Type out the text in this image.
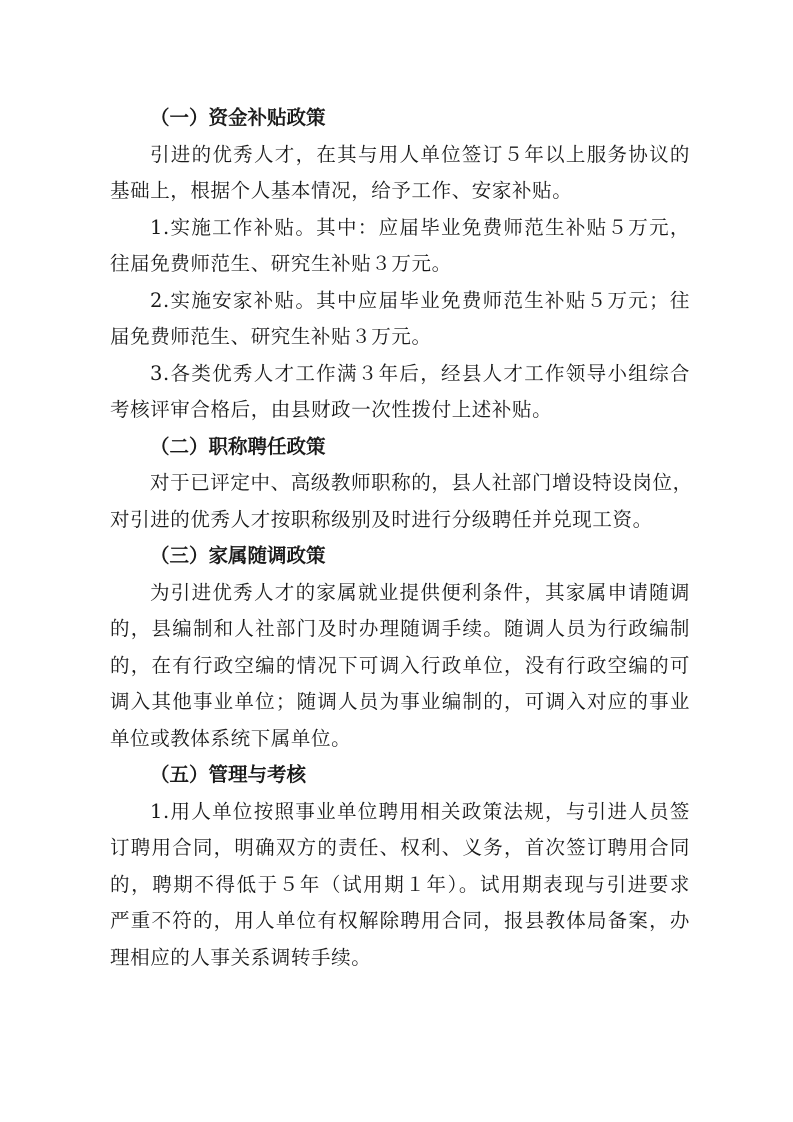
（一）资金补贴政策
引进的优秀人才，在其与用人单位签订５年以上服务协议的
基础上，根据个人基本情况，给予工作、安家补贴。
1.实施工作补贴。其中：应届毕业免费师范生补贴５万元，
往届免费师范生、研究生补贴３万元。
2.实施安家补贴。其中应届毕业免费师范生补贴５万元；往
届免费师范生、研究生补贴３万元。
3.各类优秀人才工作满３年后，经县人才工作领导小组综合
考核评审合格后，由县财政一次性拨付上述补贴。
（二）职称聘任政策
对于已评定中、高级教师职称的，县人社部门增设特设岗位，
对引进的优秀人才按职称级别及时进行分级聘任并兑现工资。
（三）家属随调政策
为引进优秀人才的家属就业提供便利条件，其家属申请随调
的，县编制和人社部门及时办理随调手续。随调人员为行政编制
的，在有行政空编的情况下可调入行政单位，没有行政空编的可
调入其他事业单位；随调人员为事业编制的，可调入对应的事业
单位或教体系统下属单位。
（五）管理与考核
1.用人单位按照事业单位聘用相关政策法规，与引进人员签
订聘用合同，明确双方的责任、权利、义务，首次签订聘用合同
的，聘期不得低于５年（试用期１年）。试用期表现与引进要求
严重不符的，用人单位有权解除聘用合同，报县教体局备案，办
理相应的人事关系调转手续。
